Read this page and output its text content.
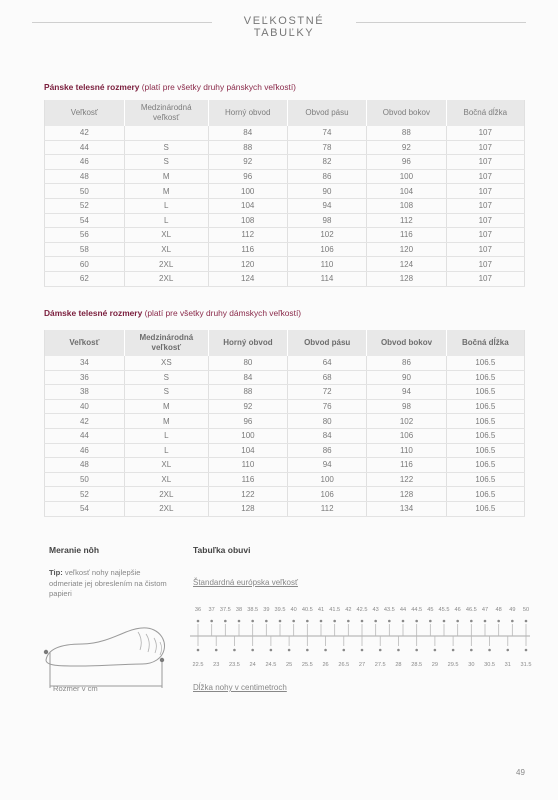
VEĽKOSTNÉ TABUĽKY
Pánske telesné rozmery (platí pre všetky druhy pánskych veľkostí)
Veľkosť	Medzinárodná veľkosť	Horný obvod	Obvod pásu	Obvod bokov	Bočná dĺžka
42		84	74	88	107
44	S	88	78	92	107
46	S	92	82	96	107
48	M	96	86	100	107
50	M	100	90	104	107
52	L	104	94	108	107
54	L	108	98	112	107
56	XL	112	102	116	107
58	XL	116	106	120	107
60	2XL	120	110	124	107
62	2XL	124	114	128	107
Dámske telesné rozmery (platí pre všetky druhy dámskych veľkostí)
Veľkosť	Medzinárodná veľkosť	Horný obvod	Obvod pásu	Obvod bokov	Bočná dĺžka
34	XS	80	64	86	106.5
36	S	84	68	90	106.5
38	S	88	72	94	106.5
40	M	92	76	98	106.5
42	M	96	80	102	106.5
44	L	100	84	106	106.5
46	L	104	86	110	106.5
48	XL	110	94	116	106.5
50	XL	116	100	122	106.5
52	2XL	122	106	128	106.5
54	2XL	128	112	134	106.5
Meranie nôh
Tip: veľkosť nohy najlepšie odmeriate jej obreslením na čistom papieri
Rozmer v cm
Tabuľka obuvi
Štandardná európska veľkosť
36 37 37.5 38 38.5 39 39.5 40 40.5 41 41.5 42 42.5 43 43.5 44 44.5 45 45.5 46 46.5 47 48 49 50
22.5 23 23.5 24 24.5 25 25.5 26 26.5 27 27.5 28 28.5 29 29.5 30 30.5 31 31.5
Dĺžka nohy v centimetroch
49
